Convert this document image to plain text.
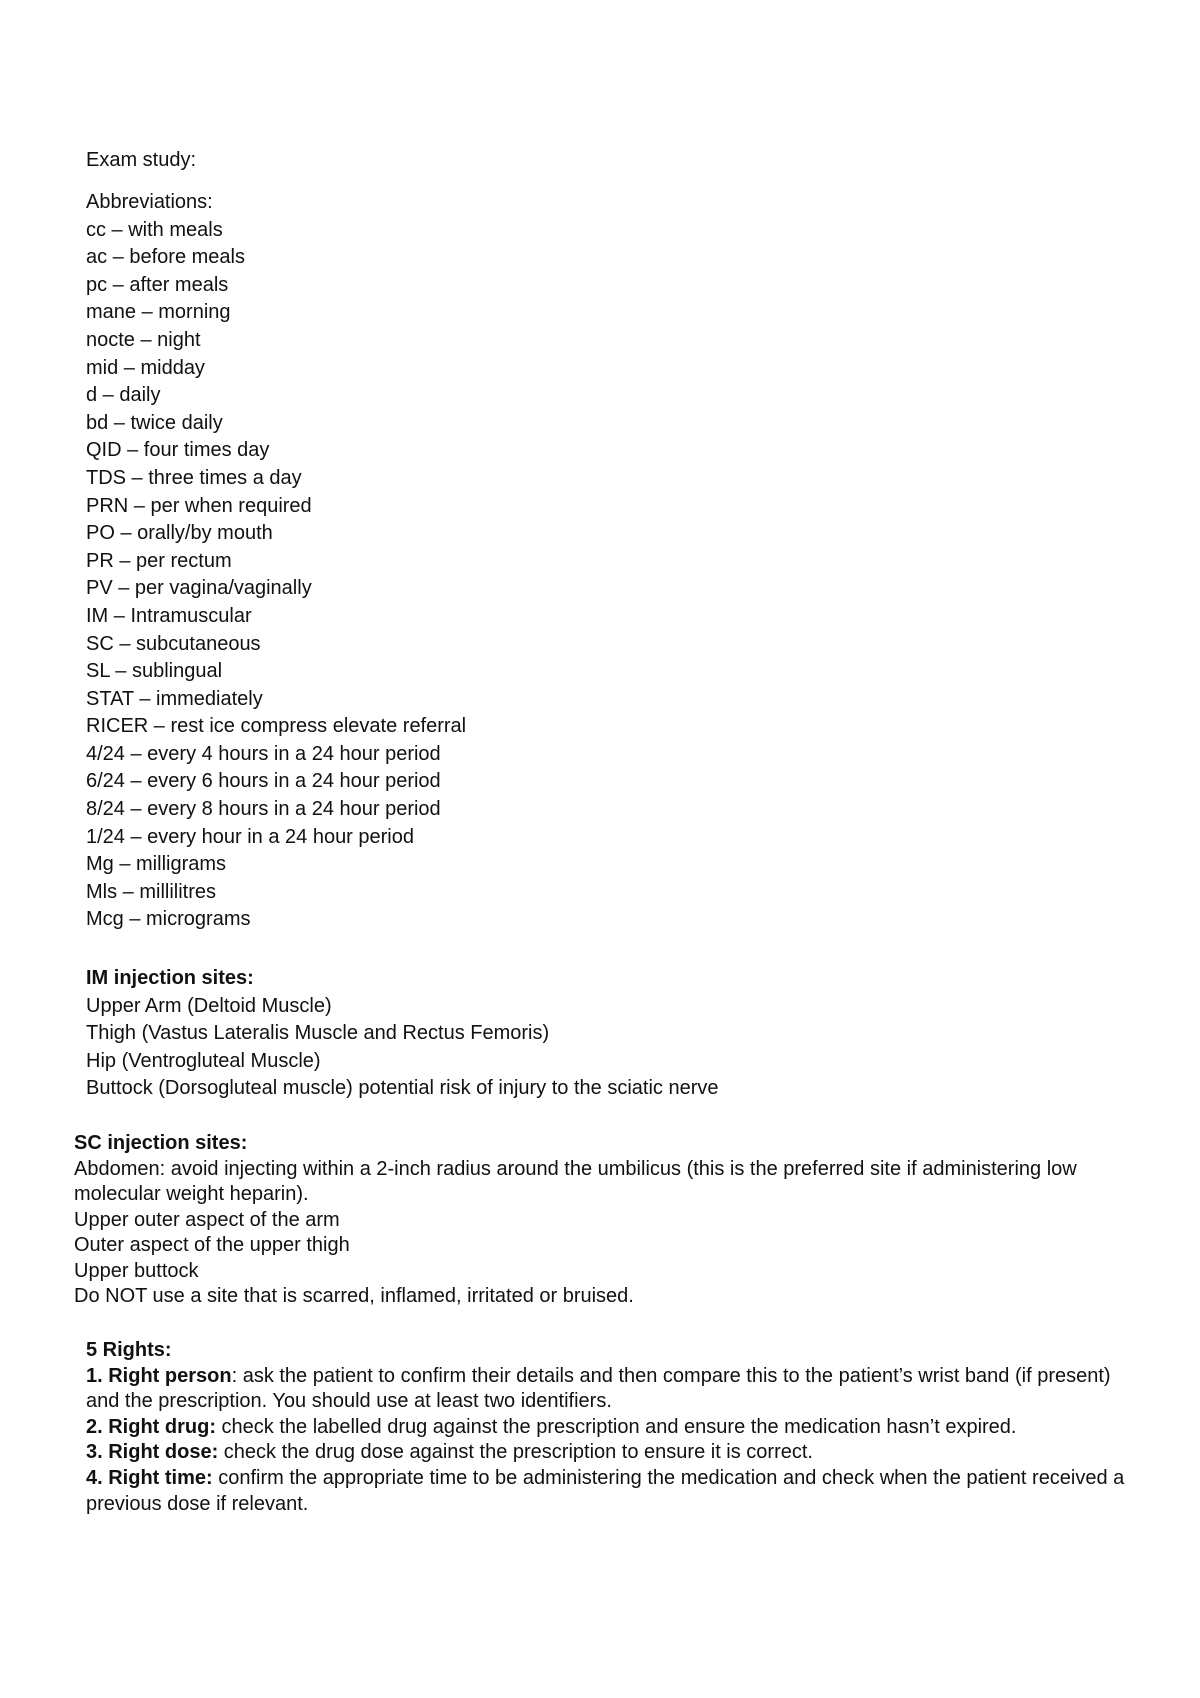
Exam study:
Abbreviations:
cc – with meals
ac – before meals
pc – after meals
mane – morning
nocte – night
mid – midday
d – daily
bd – twice daily
QID – four times day
TDS – three times a day
PRN – per when required
PO – orally/by mouth
PR – per rectum
PV – per vagina/vaginally
IM – Intramuscular
SC – subcutaneous
SL – sublingual
STAT – immediately
RICER – rest ice compress elevate referral
4/24 – every 4 hours in a 24 hour period
6/24 – every 6 hours in a 24 hour period
8/24 – every 8 hours in a 24 hour period
1/24 – every hour in a 24 hour period
Mg – milligrams
Mls – millilitres
Mcg – micrograms
IM injection sites:
Upper Arm (Deltoid Muscle)
Thigh (Vastus Lateralis Muscle and Rectus Femoris)
Hip (Ventrogluteal Muscle)
Buttock (Dorsogluteal muscle) potential risk of injury to the sciatic nerve
SC injection sites:
Abdomen: avoid injecting within a 2-inch radius around the umbilicus (this is the preferred site if administering low molecular weight heparin).
Upper outer aspect of the arm
Outer aspect of the upper thigh
Upper buttock
Do NOT use a site that is scarred, inflamed, irritated or bruised.
5 Rights:
1. Right person: ask the patient to confirm their details and then compare this to the patient’s wrist band (if present) and the prescription. You should use at least two identifiers.
2. Right drug: check the labelled drug against the prescription and ensure the medication hasn’t expired.
3. Right dose: check the drug dose against the prescription to ensure it is correct.
4. Right time: confirm the appropriate time to be administering the medication and check when the patient received a previous dose if relevant.
